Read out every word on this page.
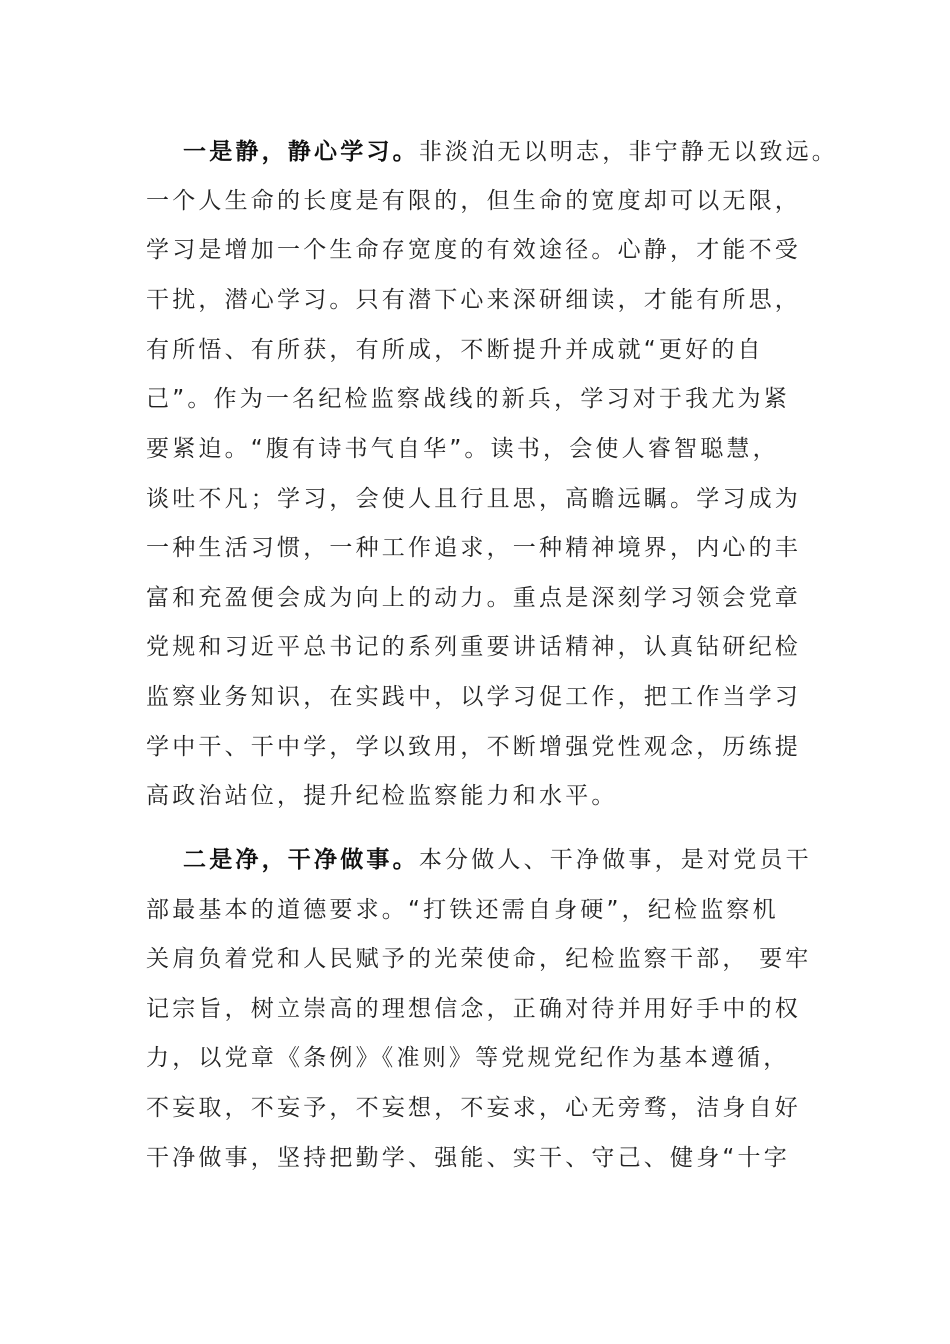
一是静，静心学习。非淡泊无以明志，非宁静无以致远。
一个人生命的长度是有限的，但生命的宽度却可以无限，
学习是增加一个生命存宽度的有效途径。心静，才能不受
干扰，潜心学习。只有潜下心来深研细读，才能有所思，
有所悟、有所获，有所成，不断提升并成就“更好的自
己”。作为一名纪检监察战线的新兵，学习对于我尤为紧
要紧迫。“腹有诗书气自华”。读书，会使人睿智聪慧，
谈吐不凡；学习，会使人且行且思，高瞻远瞩。学习成为
一种生活习惯，一种工作追求，一种精神境界，内心的丰
富和充盈便会成为向上的动力。重点是深刻学习领会党章
党规和习近平总书记的系列重要讲话精神，认真钻研纪检
监察业务知识，在实践中，以学习促工作，把工作当学习
学中干、干中学，学以致用，不断增强党性观念，历练提
高政治站位，提升纪检监察能力和水平。
二是净，干净做事。本分做人、干净做事，是对党员干
部最基本的道德要求。“打铁还需自身硬”，纪检监察机
关肩负着党和人民赋予的光荣使命，纪检监察干部， 要牢
记宗旨，树立崇高的理想信念，正确对待并用好手中的权
力，以党章《条例》《准则》等党规党纪作为基本遵循，
不妄取，不妄予，不妄想，不妄求，心无旁骛，洁身自好
干净做事，坚持把勤学、强能、实干、守己、健身“十字
